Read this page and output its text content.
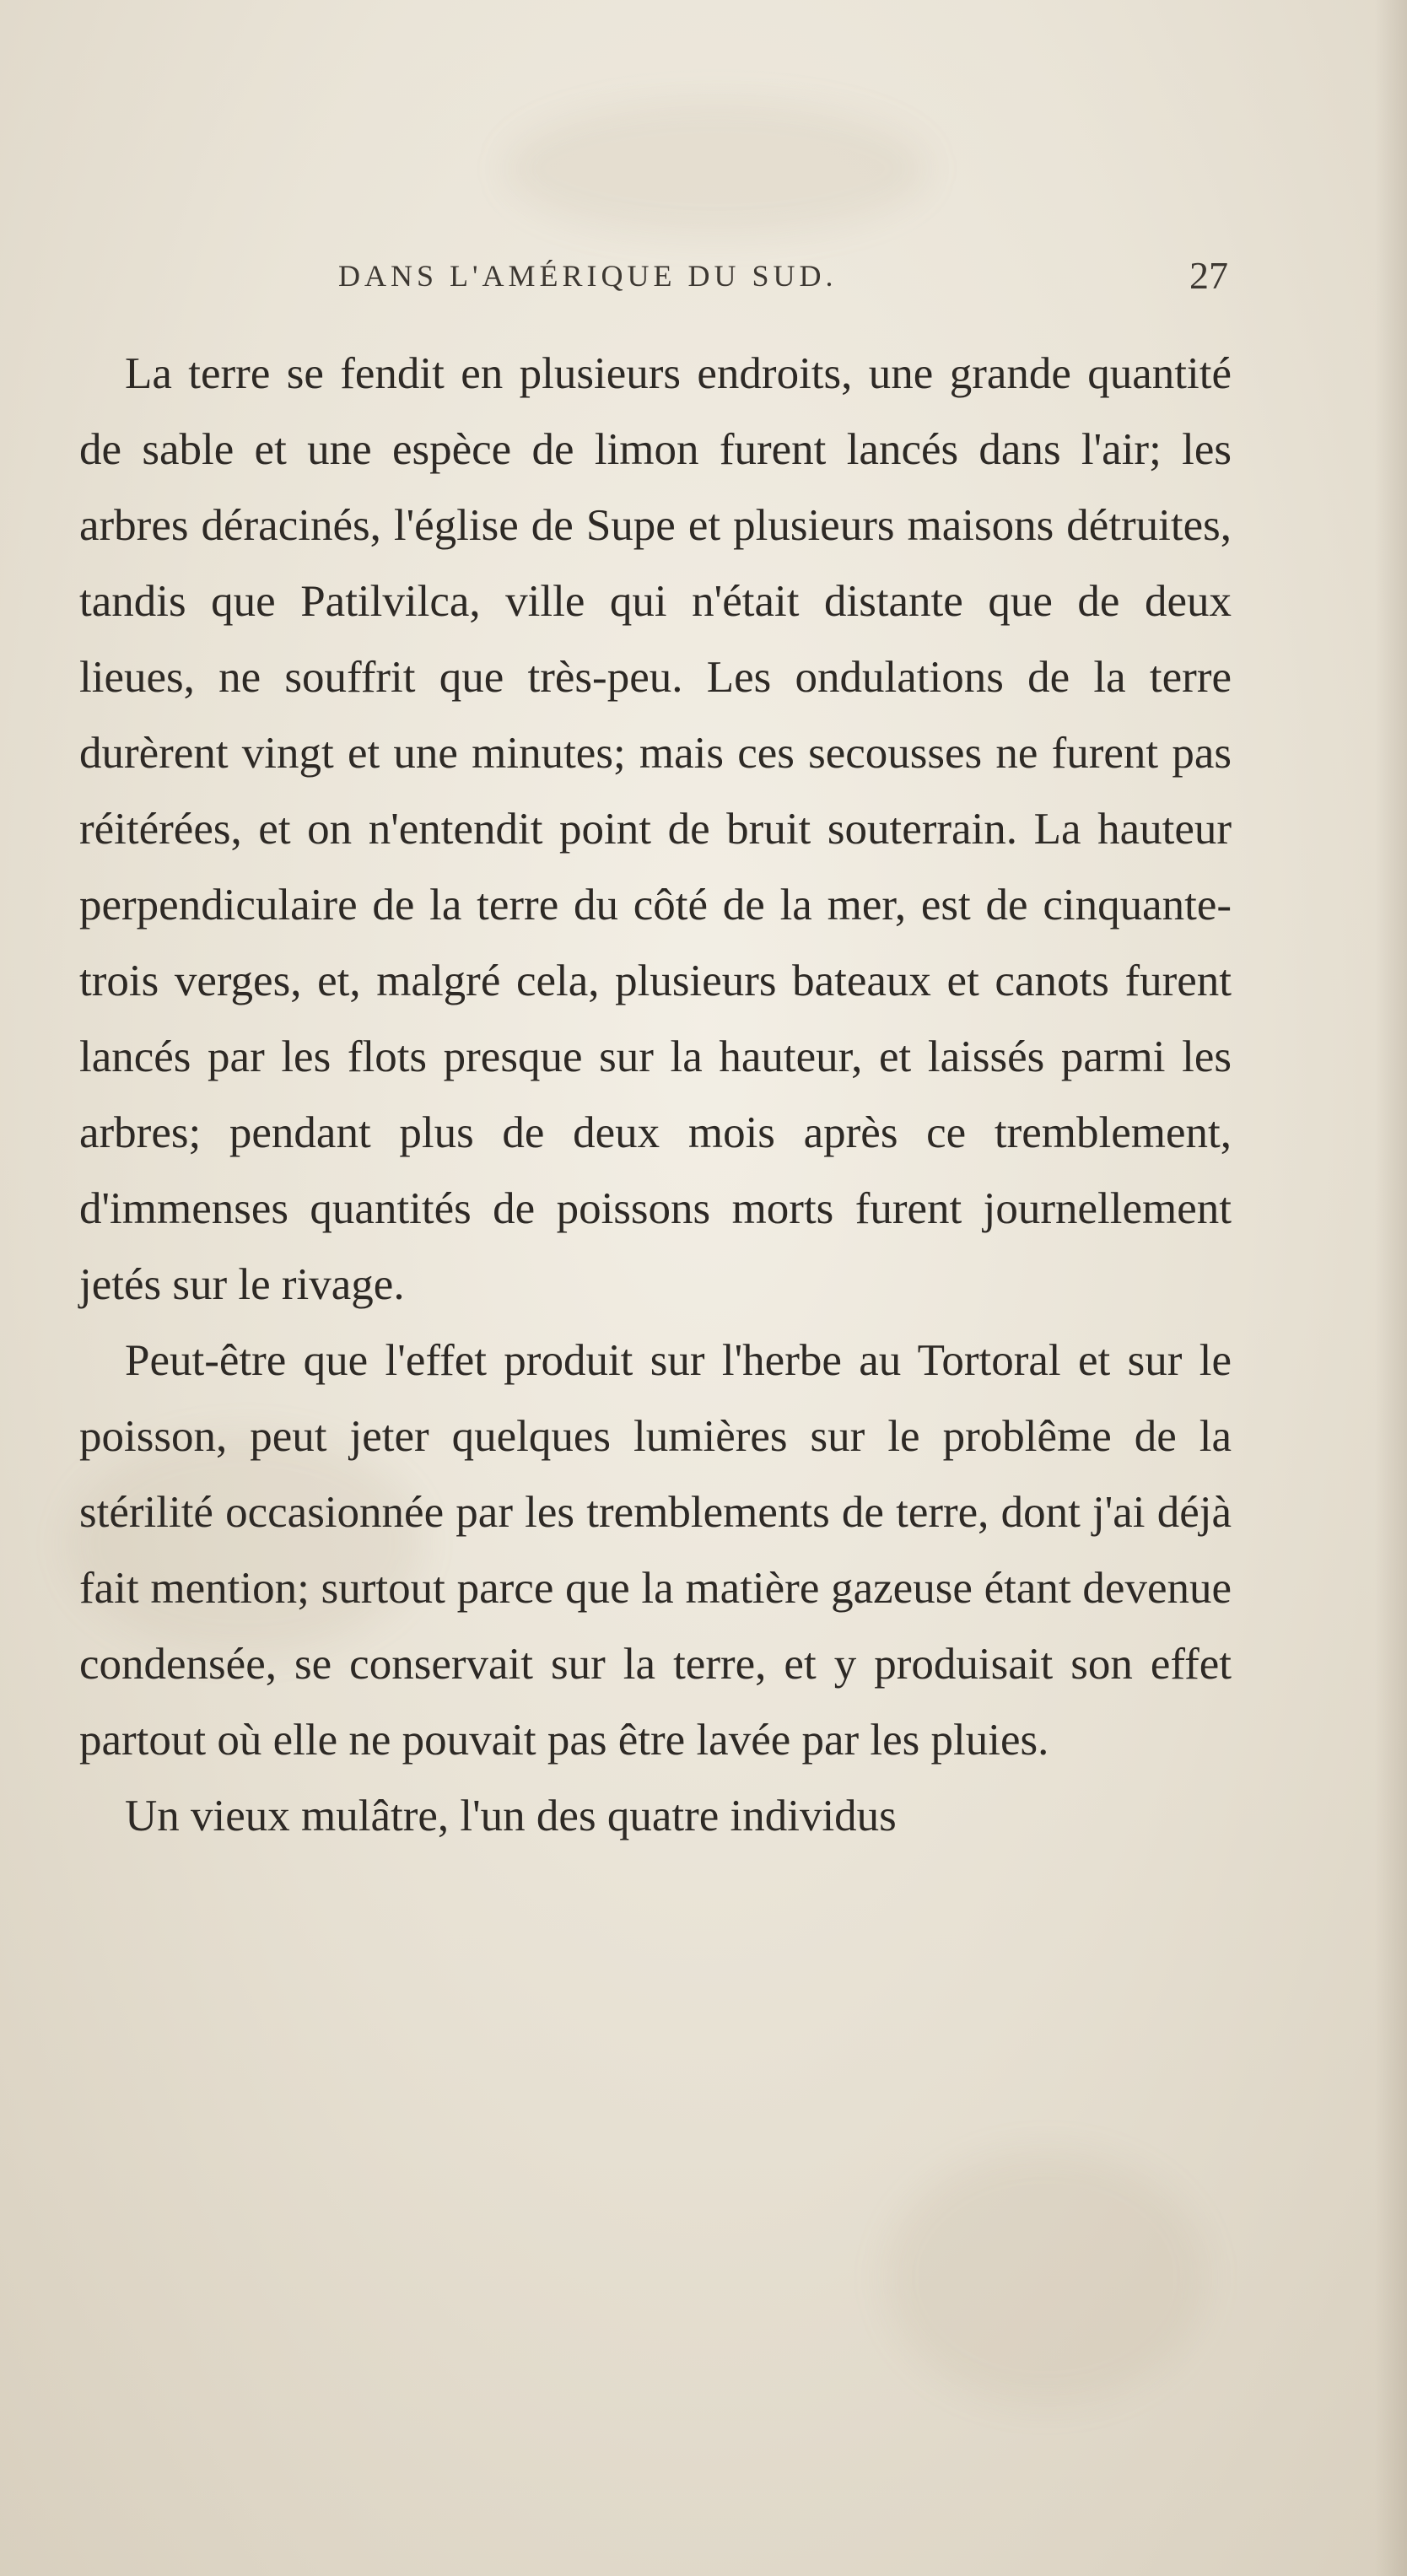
DANS L'AMÉRIQUE DU SUD.	27

La terre se fendit en plusieurs endroits, une grande quantité de sable et une espèce de limon furent lancés dans l'air; les arbres déracinés, l'église de Supe et plusieurs maisons détruites, tandis que Patilvilca, ville qui n'était distante que de deux lieues, ne souffrit que très-peu. Les ondulations de la terre durèrent vingt et une minutes; mais ces secousses ne furent pas réitérées, et on n'entendit point de bruit souterrain. La hauteur perpendiculaire de la terre du côté de la mer, est de cinquante-trois verges, et, malgré cela, plusieurs bateaux et canots furent lancés par les flots presque sur la hauteur, et laissés parmi les arbres; pendant plus de deux mois après ce tremblement, d'immenses quantités de poissons morts furent journellement jetés sur le rivage.

Peut-être que l'effet produit sur l'herbe au Tortoral et sur le poisson, peut jeter quelques lumières sur le problême de la stérilité occasionnée par les tremblements de terre, dont j'ai déjà fait mention; surtout parce que la matière gazeuse étant devenue condensée, se conservait sur la terre, et y produisait son effet partout où elle ne pouvait pas être lavée par les pluies.

Un vieux mulâtre, l'un des quatre individus
